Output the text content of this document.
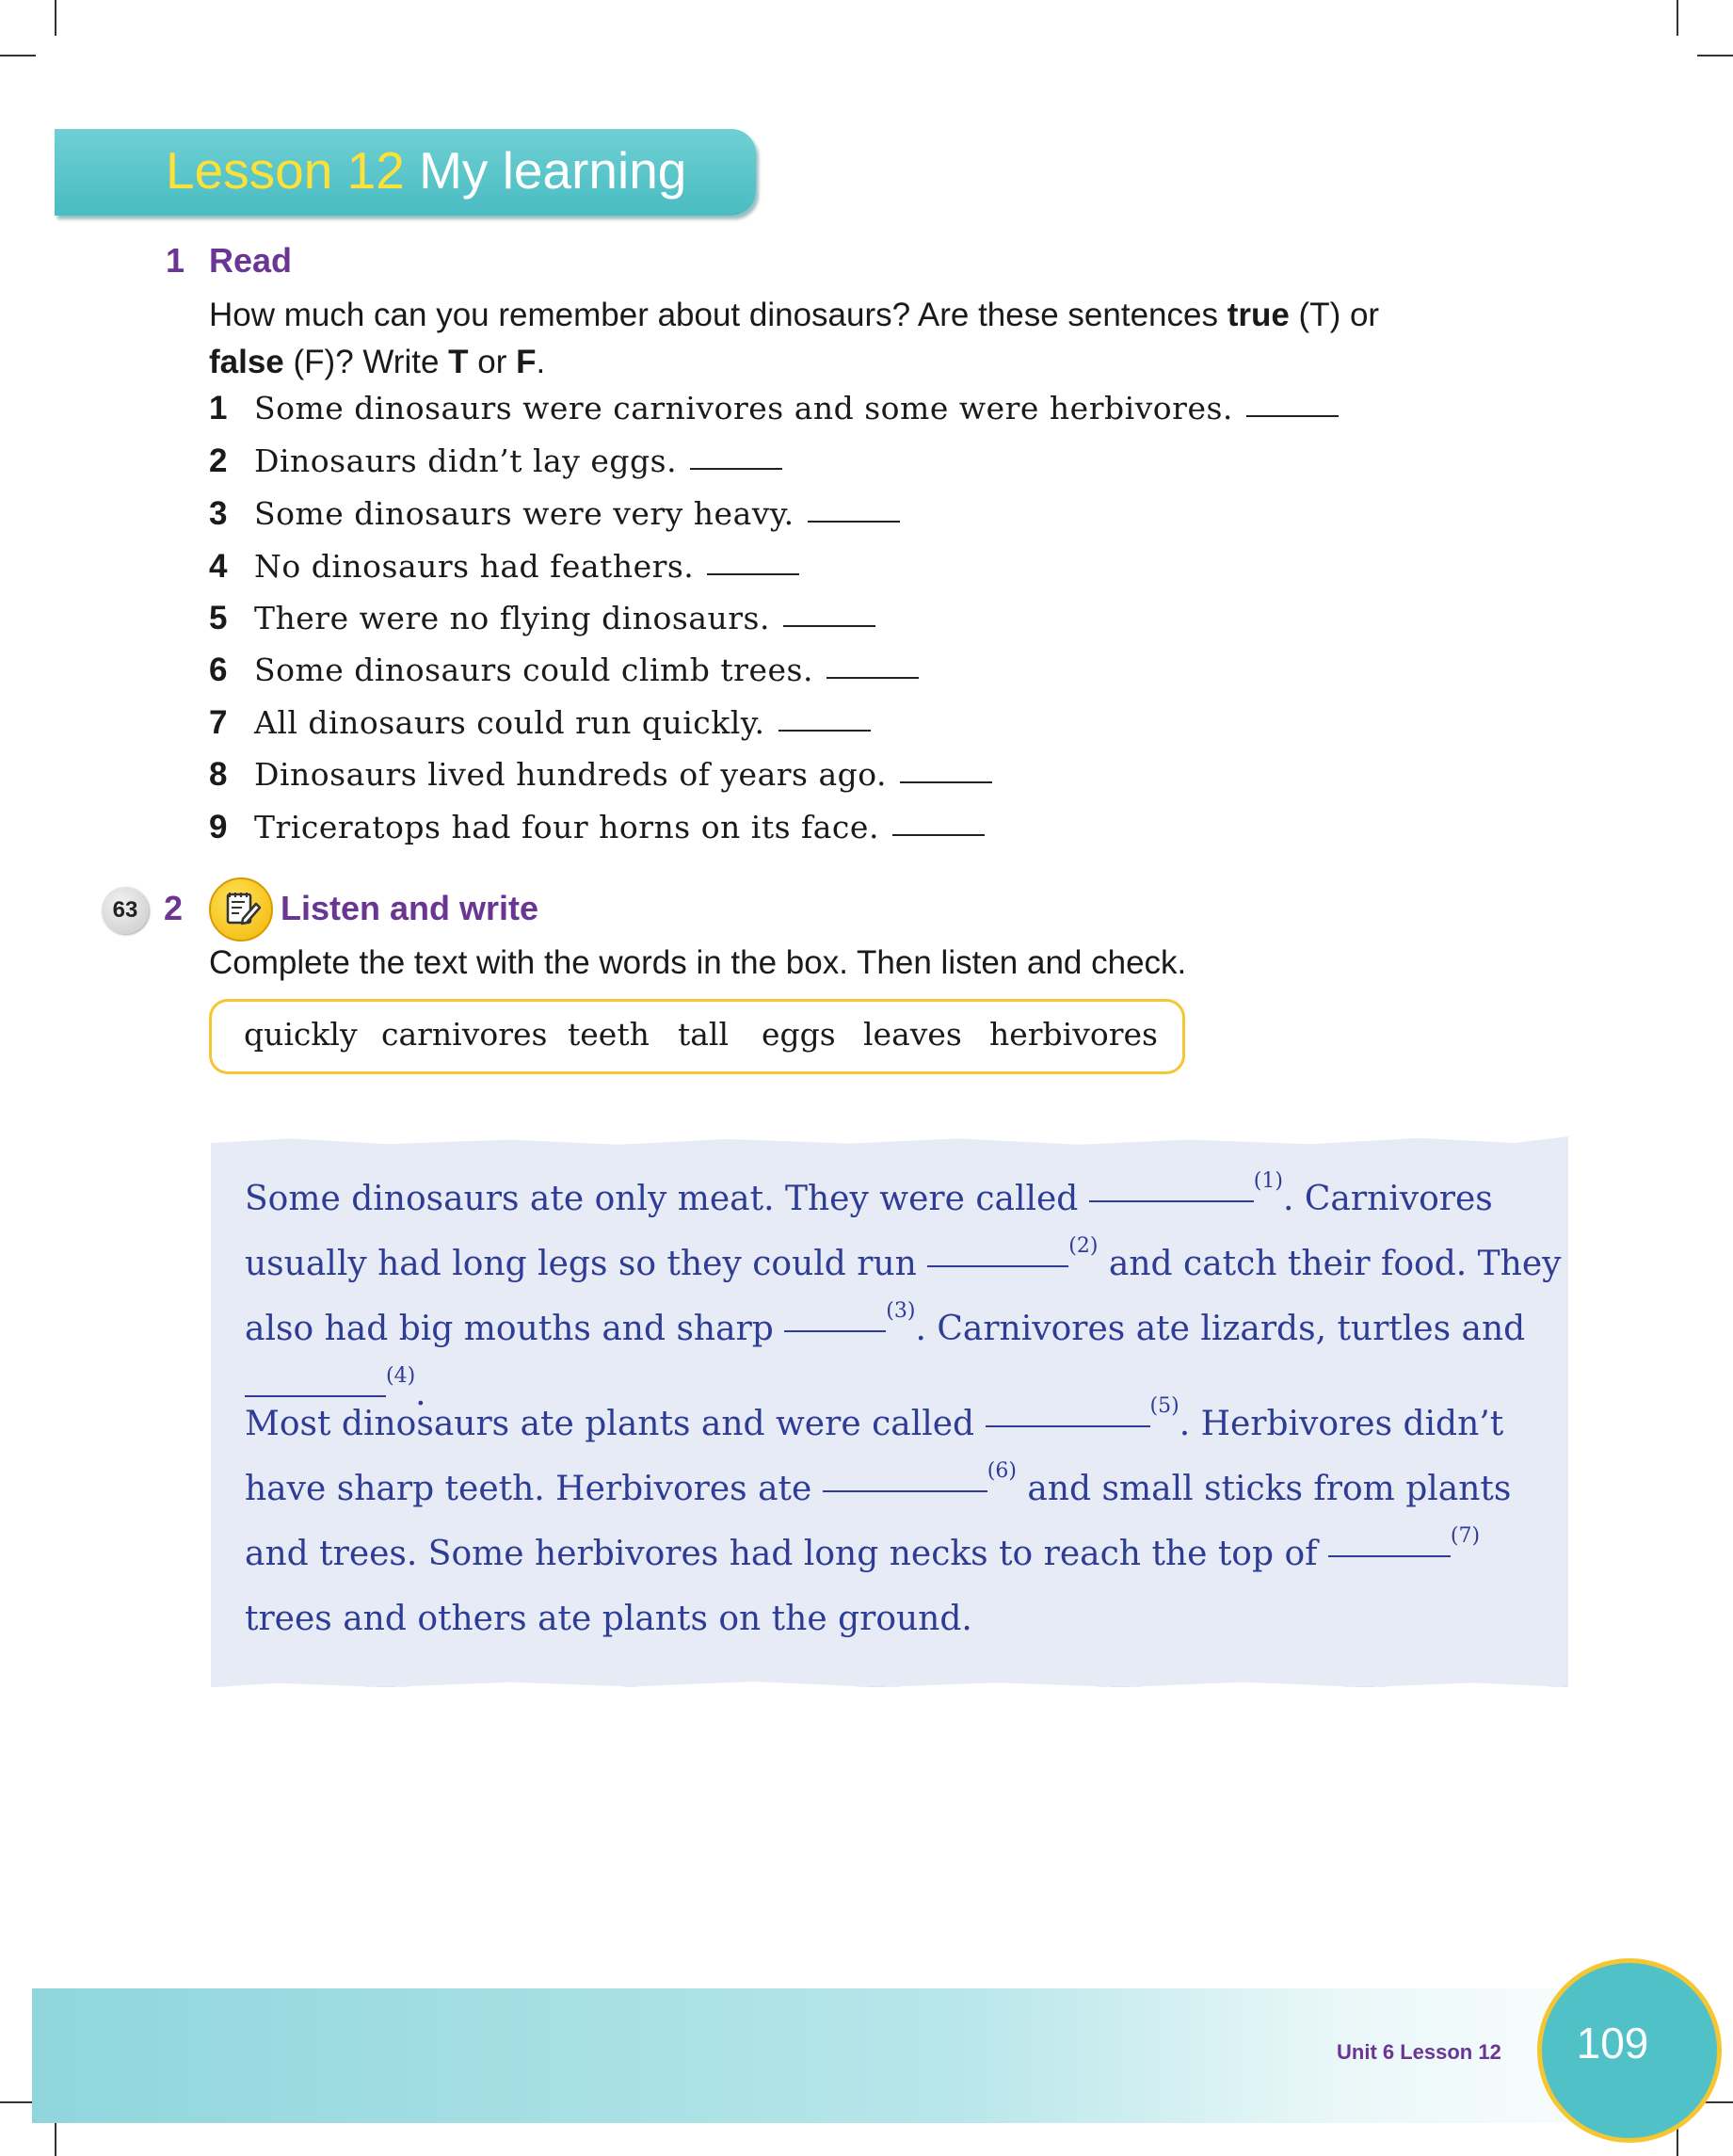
Lesson 12 My learning
1 Read
How much can you remember about dinosaurs? Are these sentences true (T) or
false (F)? Write T or F.
1 Some dinosaurs were carnivores and some were herbivores.
2 Dinosaurs didn’t lay eggs.
3 Some dinosaurs were very heavy.
4 No dinosaurs had feathers.
5 There were no flying dinosaurs.
6 Some dinosaurs could climb trees.
7 All dinosaurs could run quickly.
8 Dinosaurs lived hundreds of years ago.
9 Triceratops had four horns on its face.
63 2	Listen and write
Complete the text with the words in the box. Then listen and check.
quickly carnivores teeth tall eggs leaves herbivores
Some dinosaurs ate only meat. They were called	$^{(1)}$. Carnivores usually had long legs so they could run	$^{(2)}$ and catch their food. They also had big mouths and sharp	$^{(3)}$. Carnivores ate lizards, turtles and $^{(4)}$.
Most dinosaurs ate plants and were called	$^{(5)}$. Herbivores didn’t have sharp teeth. Herbivores ate	$^{(6)}$ and small sticks from plants and trees. Some herbivores had long necks to reach the top of	$^{(7)}$ trees and others ate plants on the ground.
Unit 6 Lesson 12 109
